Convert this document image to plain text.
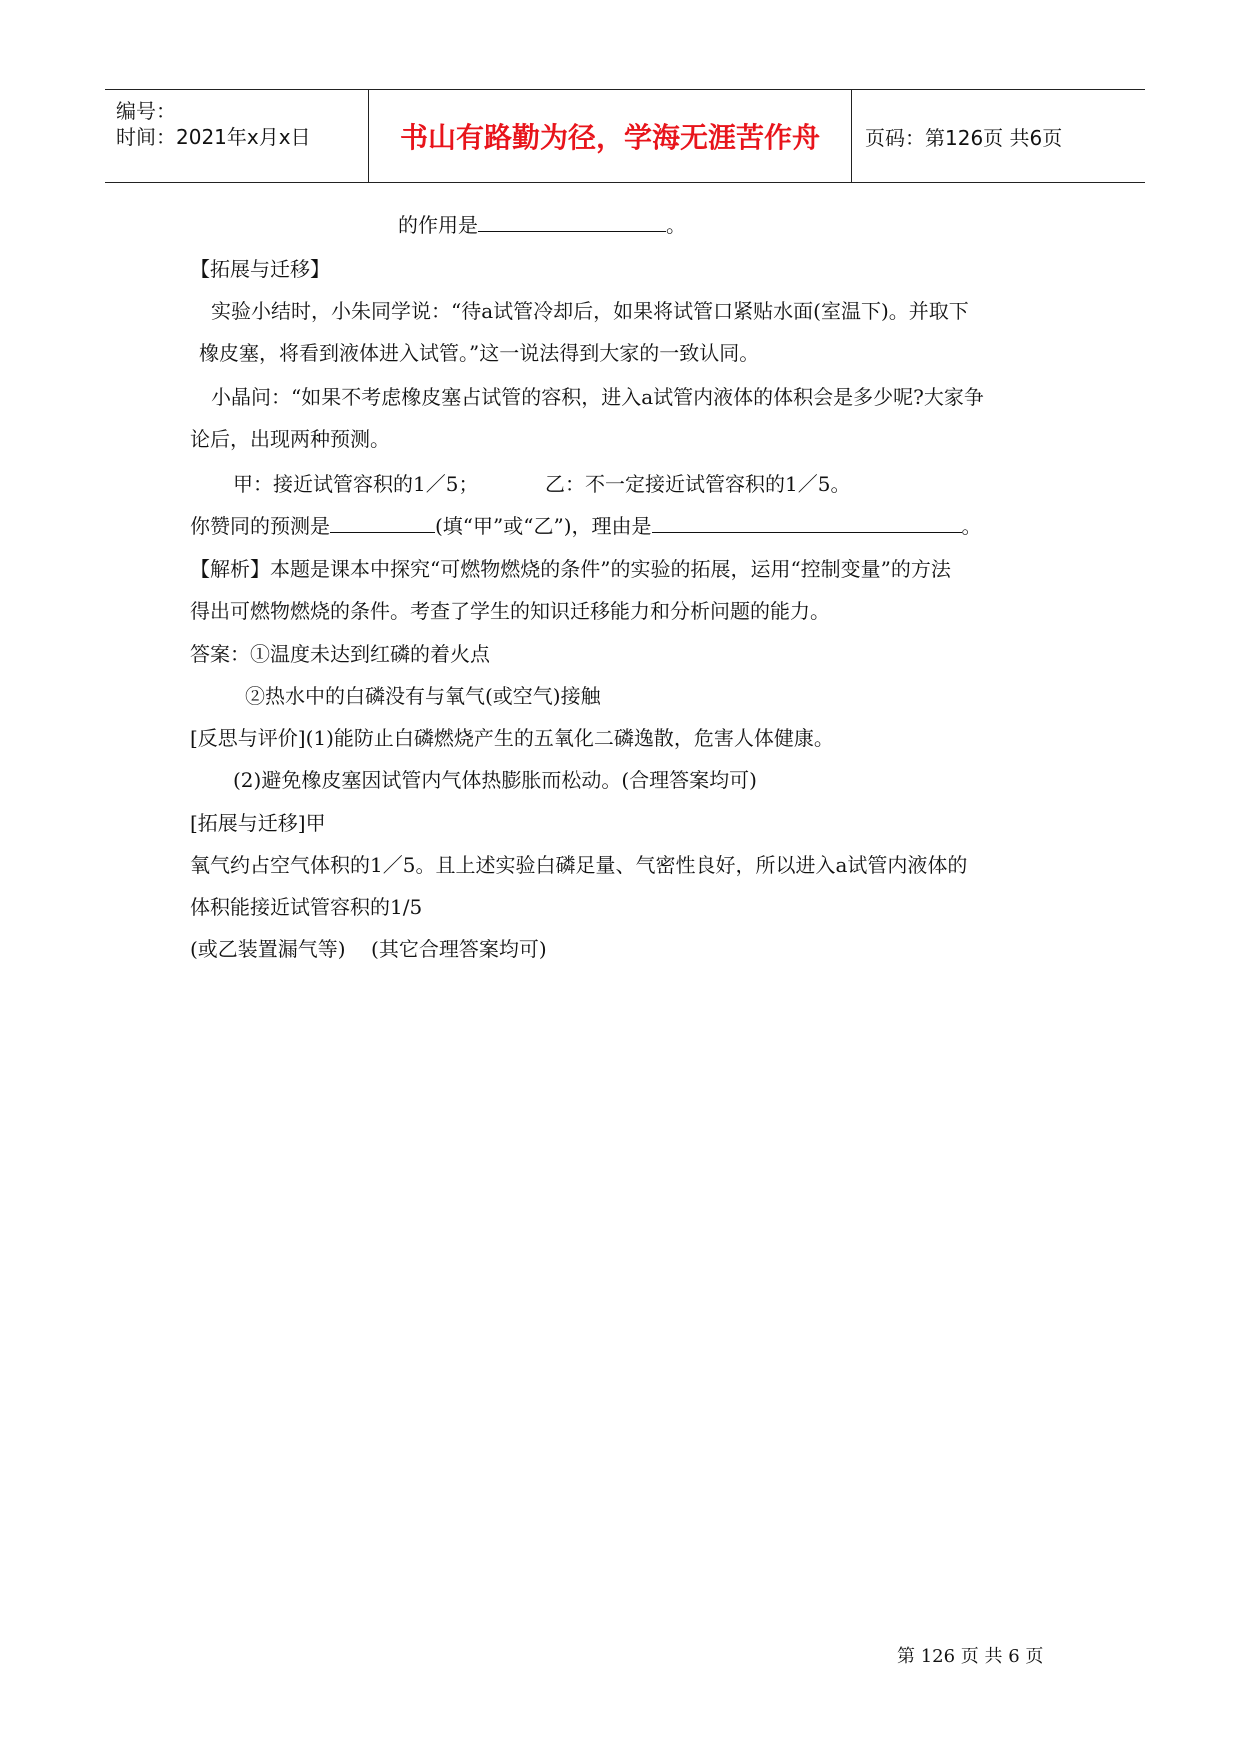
编号：
时间：2021年x月x日	书山有路勤为径，学海无涯苦作舟 页码：第126页 共6页
的作用是	。
【拓展与迁移】
实验小结时，小朱同学说：“待a试管冷却后，如果将试管口紧贴水面(室温下)。并取下
橡皮塞，将看到液体进入试管。”这一说法得到大家的一致认同。
小晶问：“如果不考虑橡皮塞占试管的容积，进入a试管内液体的体积会是多少呢?大家争
论后，出现两种预测。
甲：接近试管容积的1／5；	乙：不一定接近试管容积的1／5。
你赞同的预测是	(填“甲”或“乙”)，理由是	。
【解析】本题是课本中探究“可燃物燃烧的条件”的实验的拓展，运用“控制变量”的方法
得出可燃物燃烧的条件。考查了学生的知识迁移能力和分析问题的能力。
答案：①温度未达到红磷的着火点
②热水中的白磷没有与氧气(或空气)接触
[反思与评价](1)能防止白磷燃烧产生的五氧化二磷逸散，危害人体健康。
(2)避免橡皮塞因试管内气体热膨胀而松动。(合理答案均可)
[拓展与迁移]甲
氧气约占空气体积的1／5。且上述实验白磷足量、气密性良好，所以进入a试管内液体的
体积能接近试管容积的1/5
(或乙装置漏气等)    (其它合理答案均可)
第 126 页 共 6 页
